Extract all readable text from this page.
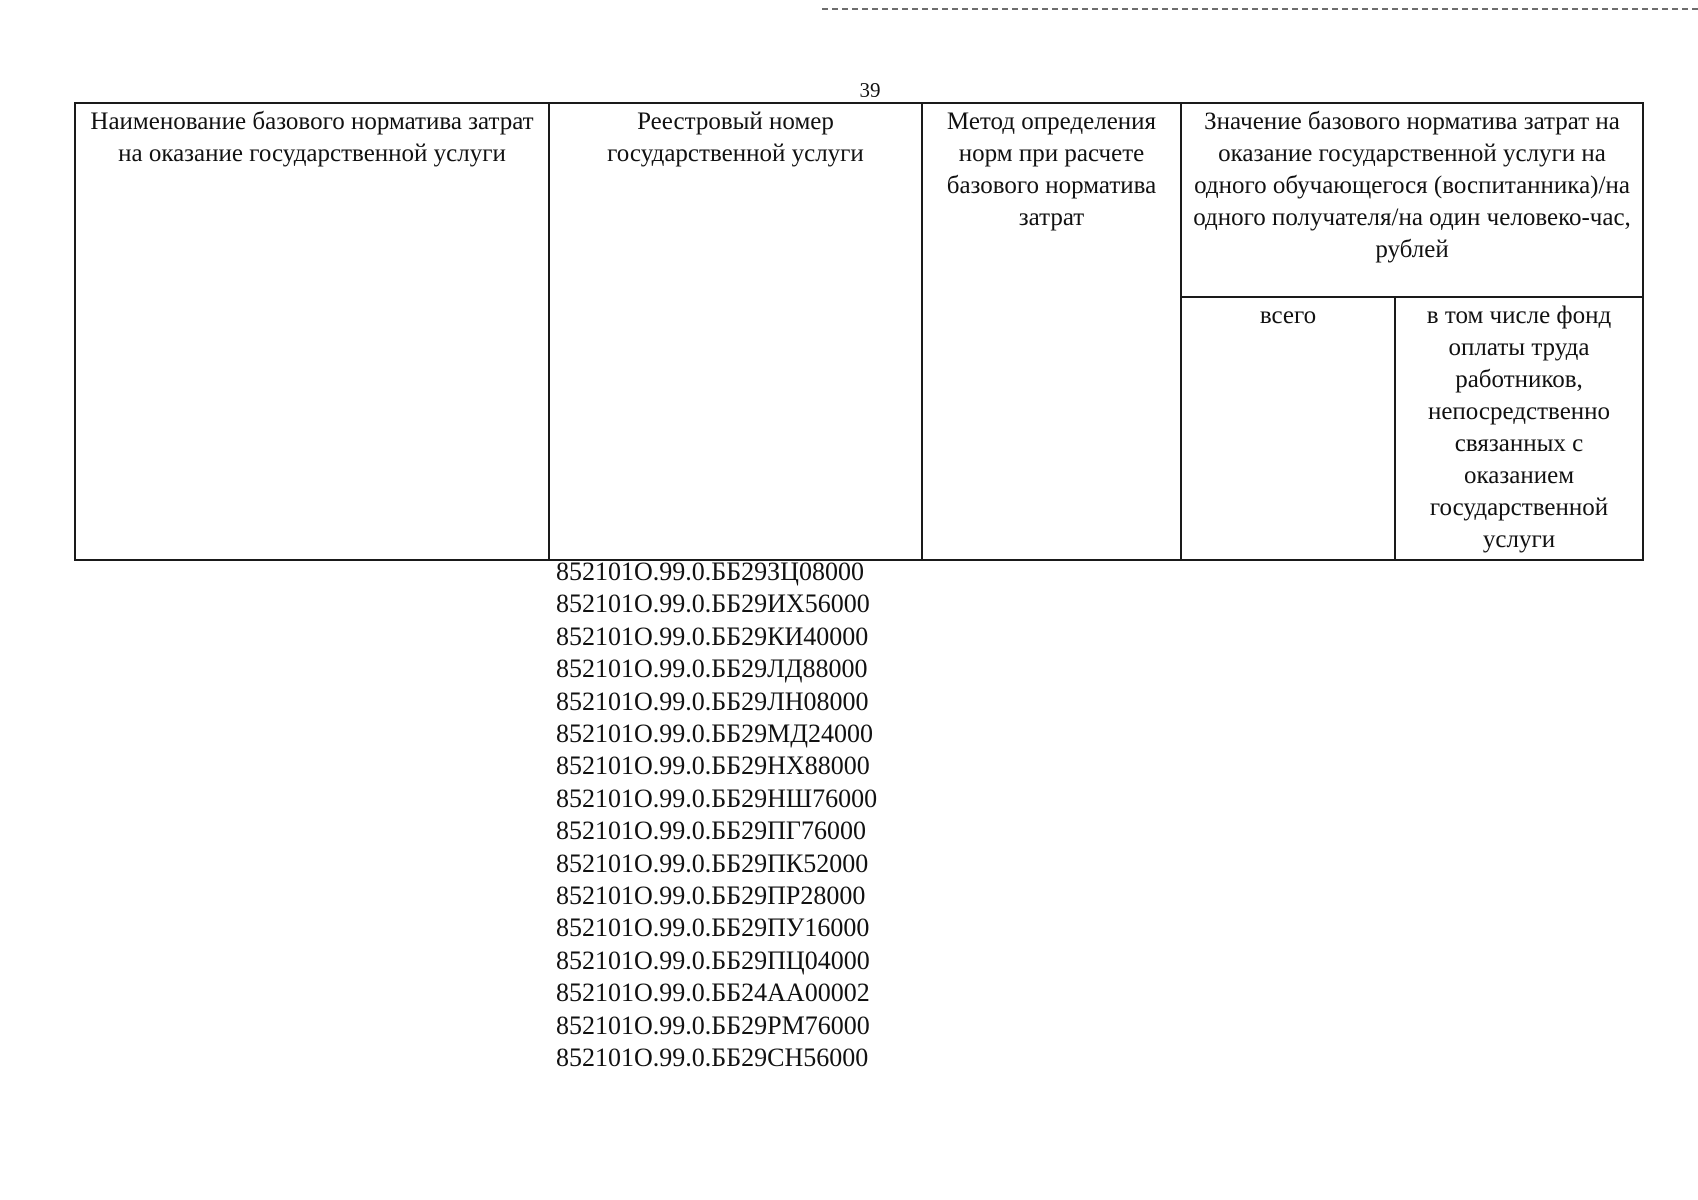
39
Наименование базового норматива затрат на оказание государственной услуги	Реестровый номер государственной услуги	Метод определения норм при расчете базового норматива затрат	Значение базового норматива затрат на оказание государственной услуги на одного обучающегося (воспитанника)/на одного получателя/на один человеко-час, рублей	
			всего	в том числе фонд оплаты труда работников, непосредственно связанных с оказанием государственной услуги
852101О.99.0.ББ29ЗЦ08000
852101О.99.0.ББ29ИХ56000
852101О.99.0.ББ29КИ40000
852101О.99.0.ББ29ЛД88000
852101О.99.0.ББ29ЛН08000
852101О.99.0.ББ29МД24000
852101О.99.0.ББ29НХ88000
852101О.99.0.ББ29НШ76000
852101О.99.0.ББ29ПГ76000
852101О.99.0.ББ29ПК52000
852101О.99.0.ББ29ПР28000
852101О.99.0.ББ29ПУ16000
852101О.99.0.ББ29ПЦ04000
852101О.99.0.ББ24АА00002
852101О.99.0.ББ29РМ76000
852101О.99.0.ББ29СН56000
